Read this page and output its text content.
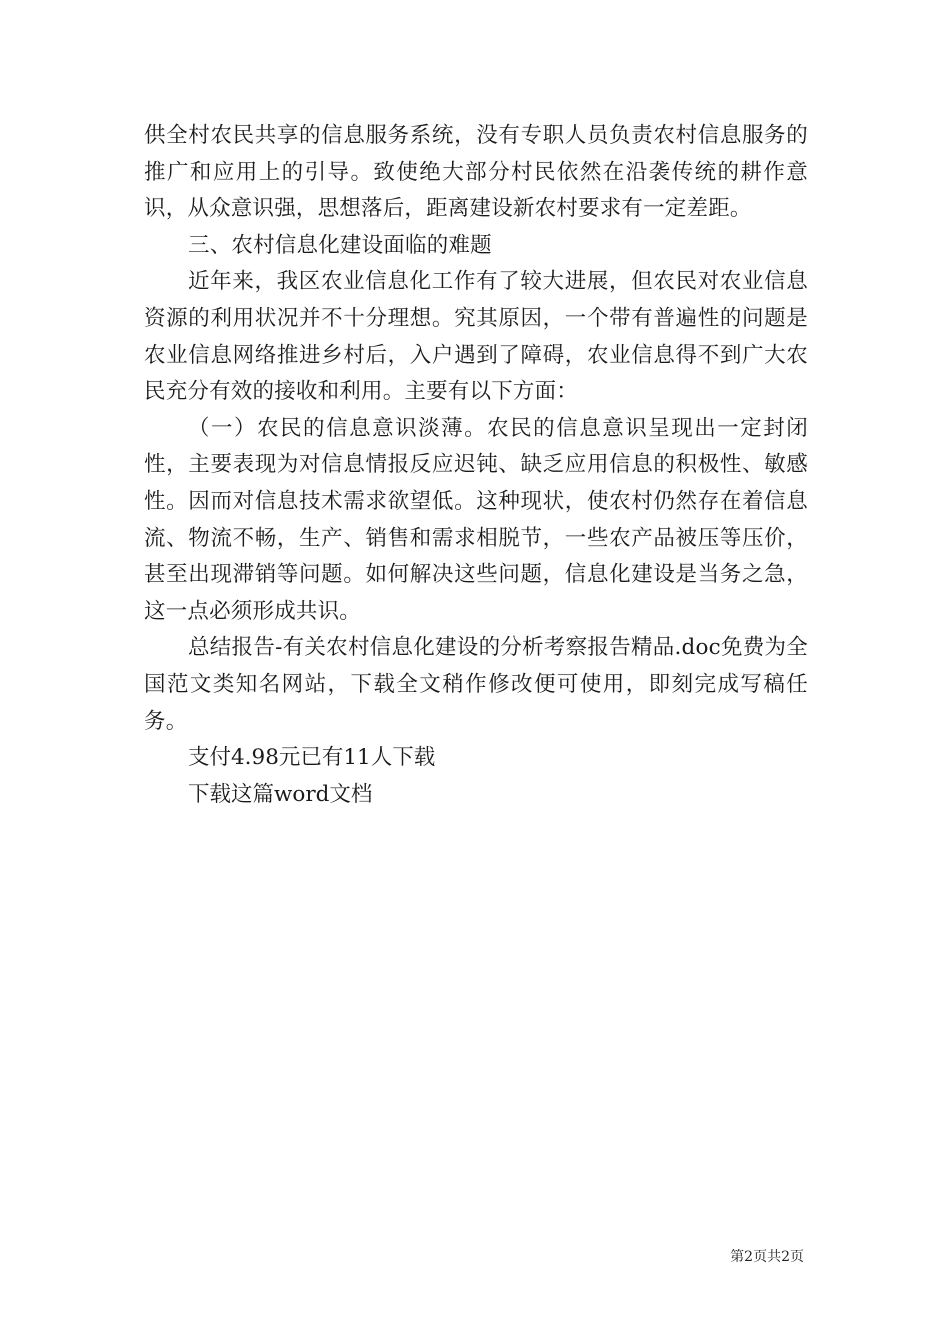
供全村农民共享的信息服务系统，没有专职人员负责农村信息服务的推广和应用上的引导。致使绝大部分村民依然在沿袭传统的耕作意识，从众意识强，思想落后，距离建设新农村要求有一定差距。

三、农村信息化建设面临的难题

近年来，我区农业信息化工作有了较大进展，但农民对农业信息资源的利用状况并不十分理想。究其原因，一个带有普遍性的问题是农业信息网络推进乡村后，入户遇到了障碍，农业信息得不到广大农民充分有效的接收和利用。主要有以下方面：

（一）农民的信息意识淡薄。农民的信息意识呈现出一定封闭性，主要表现为对信息情报反应迟钝、缺乏应用信息的积极性、敏感性。因而对信息技术需求欲望低。这种现状，使农村仍然存在着信息流、物流不畅，生产、销售和需求相脱节，一些农产品被压等压价，甚至出现滞销等问题。如何解决这些问题，信息化建设是当务之急，这一点必须形成共识。

总结报告-有关农村信息化建设的分析考察报告精品.doc免费为全国范文类知名网站，下载全文稍作修改便可使用，即刻完成写稿任务。

支付4.98元已有11人下载

下载这篇word文档

第2页共2页
